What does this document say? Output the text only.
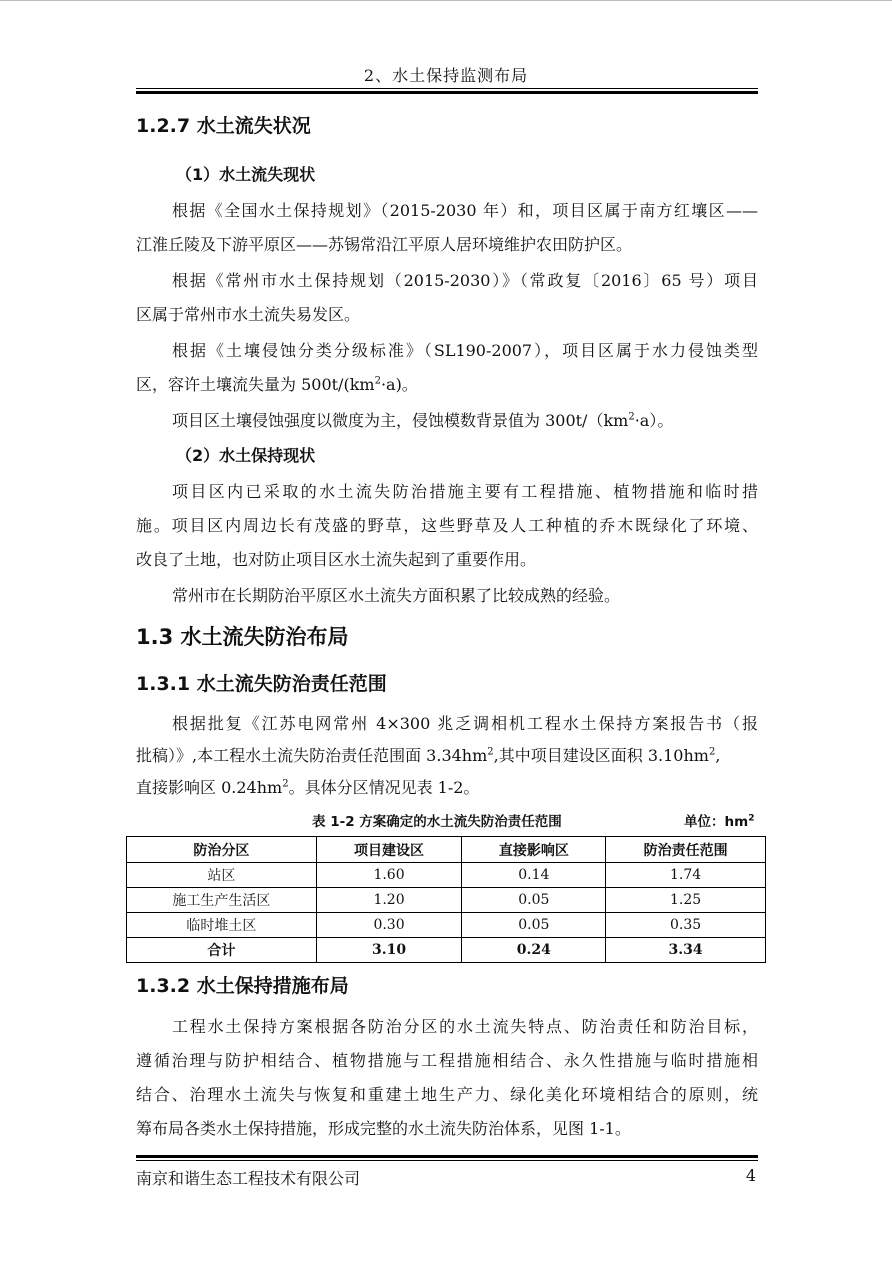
2、水土保持监测布局
1.2.7 水土流失状况
（1）水土流失现状
根据《全国水土保持规划》（2015-2030 年）和，项目区属于南方红壤区——
江淮丘陵及下游平原区——苏锡常沿江平原人居环境维护农田防护区。
根据《常州市水土保持规划（2015-2030）》（常政复〔2016〕65 号）项目
区属于常州市水土流失易发区。
根据《土壤侵蚀分类分级标准》（SL190-2007），项目区属于水力侵蚀类型
区，容许土壤流失量为 $500t/(km^2\cdot a)$。
项目区土壤侵蚀强度以微度为主，侵蚀模数背景值为 $300t/(km^2\cdot a)$。
（2）水土保持现状
项目区内已采取的水土流失防治措施主要有工程措施、植物措施和临时措
施。项目区内周边长有茂盛的野草，这些野草及人工种植的乔木既绿化了环境、
改良了土地，也对防止项目区水土流失起到了重要作用。
常州市在长期防治平原区水土流失方面积累了比较成熟的经验。
1.3 水土流失防治布局
1.3.1 水土流失防治责任范围
根据批复《江苏电网常州 4×300 兆乏调相机工程水土保持方案报告书（报
批稿）》,本工程水土流失防治责任范围面 $3.34hm^2$,其中项目建设区面积 $3.10hm^2$,
直接影响区 $0.24hm^2$。具体分区情况见表 1-2。
表 1-2 方案确定的水土流失防治责任范围	单位：$hm^2$
防治分区	项目建设区	直接影响区	防治责任范围
站区	1.60	0.14	1.74
施工生产生活区	1.20	0.05	1.25
临时堆土区	0.30	0.05	0.35
合计	3.10	0.24	3.34
1.3.2 水土保持措施布局
工程水土保持方案根据各防治分区的水土流失特点、防治责任和防治目标，
遵循治理与防护相结合、植物措施与工程措施相结合、永久性措施与临时措施相
结合、治理水土流失与恢复和重建土地生产力、绿化美化环境相结合的原则，统
筹布局各类水土保持措施，形成完整的水土流失防治体系，见图 1-1。
南京和谐生态工程技术有限公司	4
